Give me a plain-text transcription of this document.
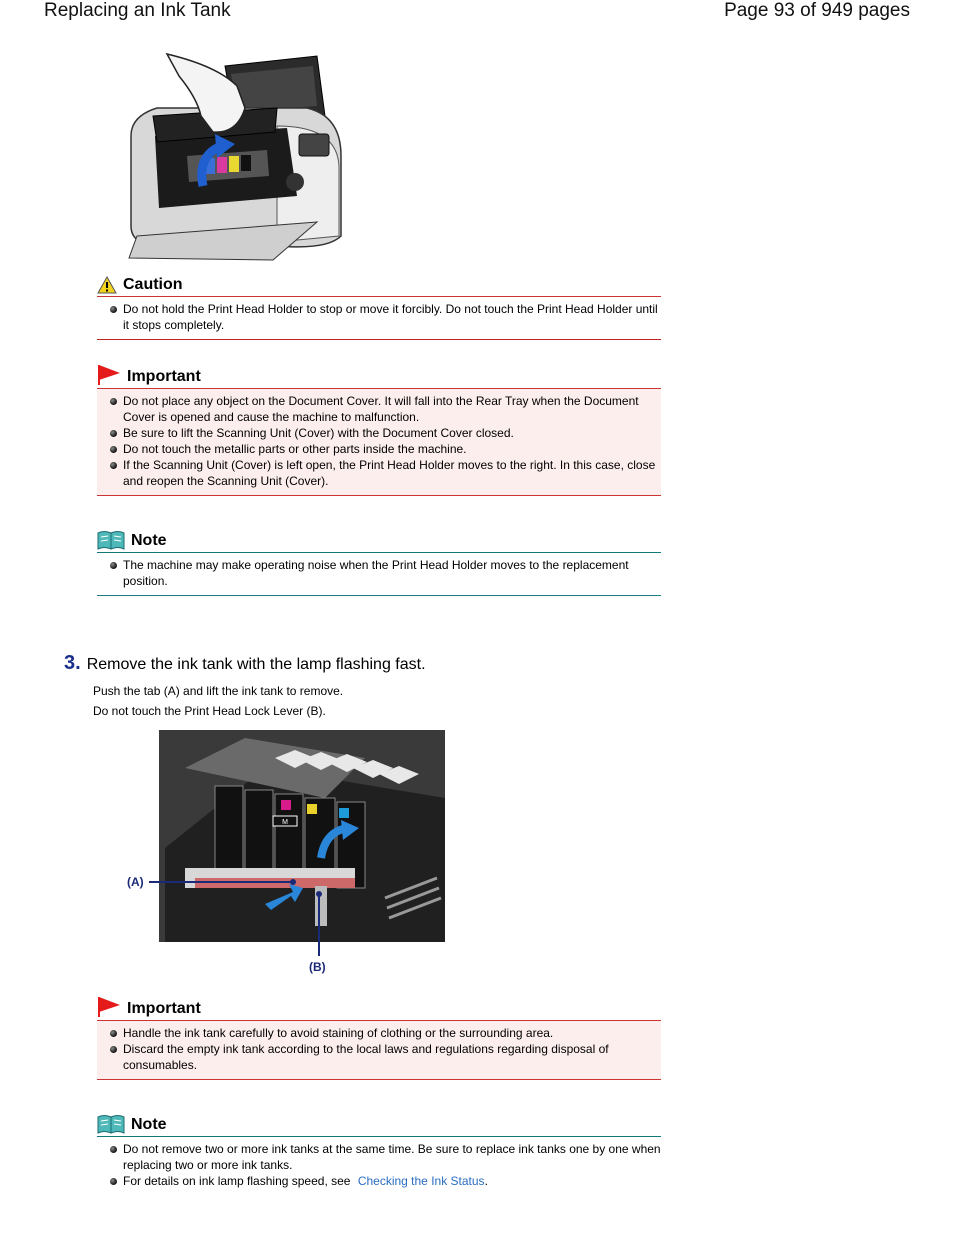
Replacing an Ink Tank	Page 93 of 949 pages
Caution
Do not hold the Print Head Holder to stop or move it forcibly. Do not touch the Print Head Holder until it stops completely.
Important
Do not place any object on the Document Cover. It will fall into the Rear Tray when the Document Cover is opened and cause the machine to malfunction.
Be sure to lift the Scanning Unit (Cover) with the Document Cover closed.
Do not touch the metallic parts or other parts inside the machine.
If the Scanning Unit (Cover) is left open, the Print Head Holder moves to the right. In this case, close and reopen the Scanning Unit (Cover).
Note
The machine may make operating noise when the Print Head Holder moves to the replacement position.
3. Remove the ink tank with the lamp flashing fast.
Push the tab (A) and lift the ink tank to remove.
Do not touch the Print Head Lock Lever (B).
M
(A)
(B)
Important
Handle the ink tank carefully to avoid staining of clothing or the surrounding area.
Discard the empty ink tank according to the local laws and regulations regarding disposal of consumables.
Note
Do not remove two or more ink tanks at the same time. Be sure to replace ink tanks one by one when replacing two or more ink tanks.
For details on ink lamp flashing speed, see Checking the Ink Status.
